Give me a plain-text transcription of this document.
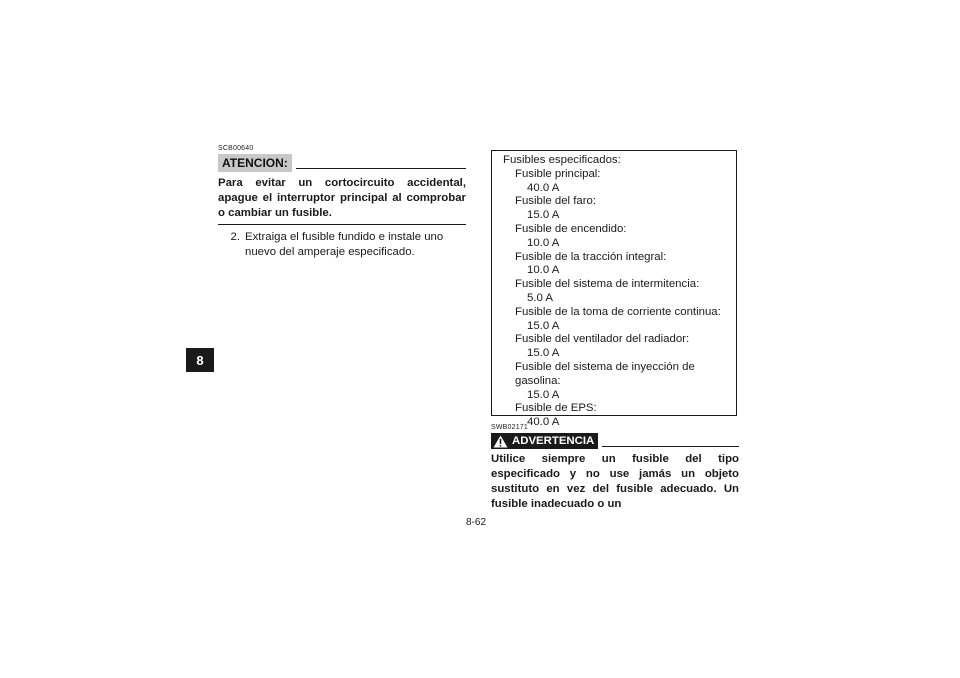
8
SCB00640
ATENCION:
Para evitar un cortocircuito accidental, apague el interruptor principal al comprobar o cambiar un fusible.
2. Extraiga el fusible fundido e instale uno nuevo del amperaje especificado.
Fusibles especificados:
Fusible principal:
40.0 A
Fusible del faro:
15.0 A
Fusible de encendido:
10.0 A
Fusible de la tracción integral:
10.0 A
Fusible del sistema de intermitencia:
5.0 A
Fusible de la toma de corriente continua:
15.0 A
Fusible del ventilador del radiador:
15.0 A
Fusible del sistema de inyección de gasolina:
15.0 A
Fusible de EPS:
40.0 A
SWB02171
ADVERTENCIA
Utilice siempre un fusible del tipo especificado y no use jamás un objeto sustituto en vez del fusible adecuado. Un fusible inadecuado o un
8-62
